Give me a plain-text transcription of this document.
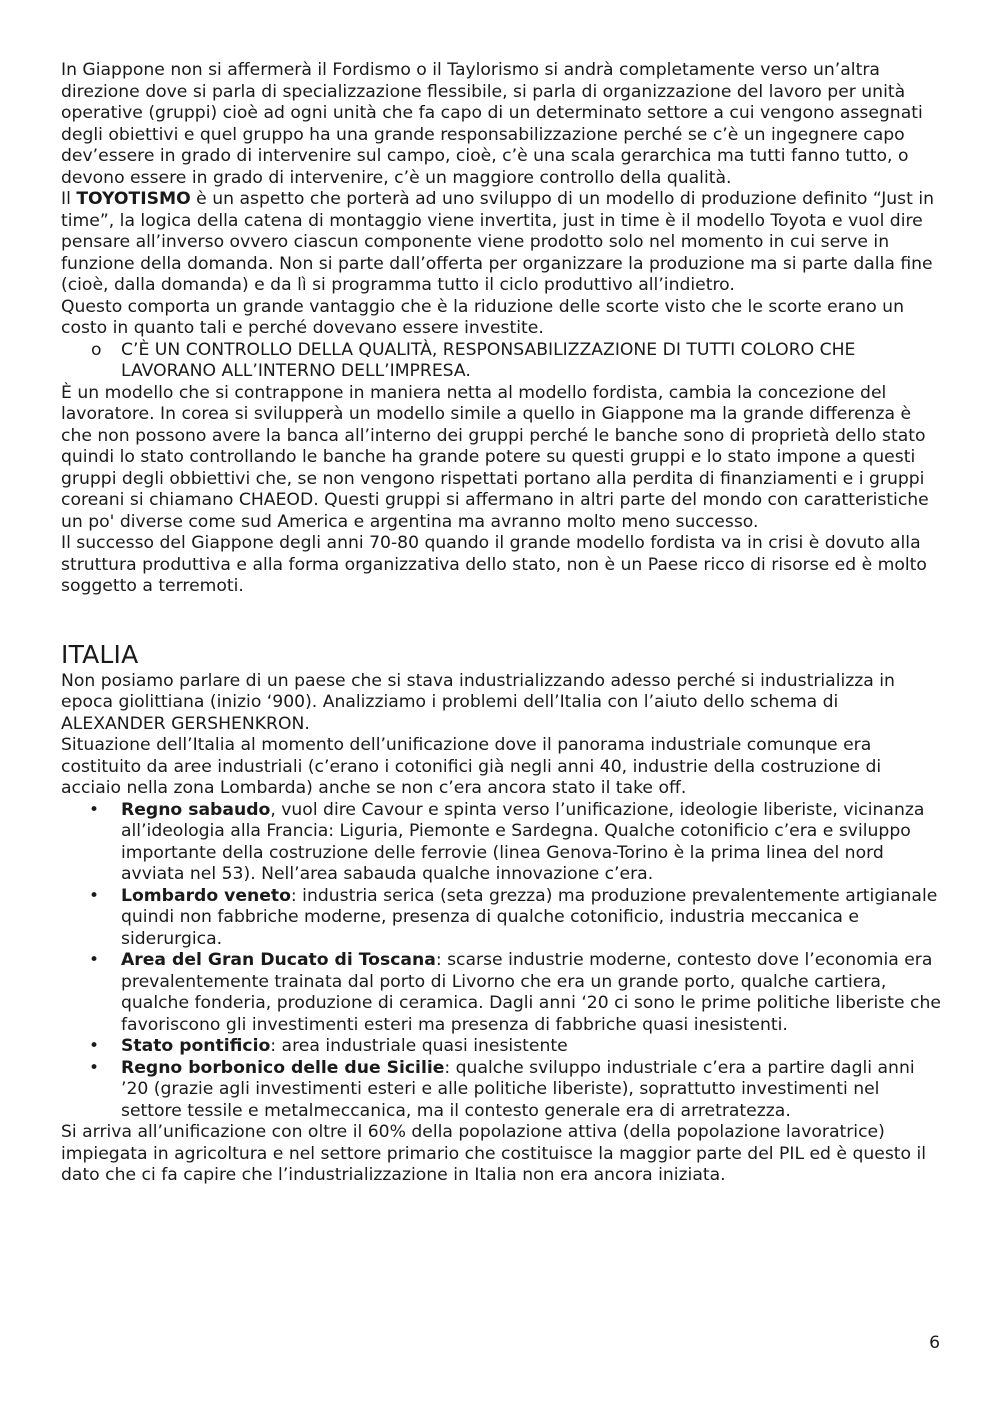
In Giappone non si affermerà il Fordismo o il Taylorismo si andrà completamente verso un’altra direzione dove si parla di specializzazione flessibile, si parla di organizzazione del lavoro per unità operative (gruppi) cioè ad ogni unità che fa capo di un determinato settore a cui vengono assegnati degli obiettivi e quel gruppo ha una grande responsabilizzazione perché se c’è un ingegnere capo dev’essere in grado di intervenire sul campo, cioè, c’è una scala gerarchica ma tutti fanno tutto, o devono essere in grado di intervenire, c’è un maggiore controllo della qualità.

Il TOYOTISMO è un aspetto che porterà ad uno sviluppo di un modello di produzione definito “Just in time”, la logica della catena di montaggio viene invertita, just in time è il modello Toyota e vuol dire pensare all’inverso ovvero ciascun componente viene prodotto solo nel momento in cui serve in funzione della domanda. Non si parte dall’offerta per organizzare la produzione ma si parte dalla fine (cioè, dalla domanda) e da lì si programma tutto il ciclo produttivo all’indietro.

Questo comporta un grande vantaggio che è la riduzione delle scorte visto che le scorte erano un costo in quanto tali e perché dovevano essere investite.

o C’È UN CONTROLLO DELLA QUALITÀ, RESPONSABILIZZAZIONE DI TUTTI COLORO CHE LAVORANO ALL’INTERNO DELL’IMPRESA.

È un modello che si contrappone in maniera netta al modello fordista, cambia la concezione del lavoratore. In corea si svilupperà un modello simile a quello in Giappone ma la grande differenza è che non possono avere la banca all’interno dei gruppi perché le banche sono di proprietà dello stato quindi lo stato controllando le banche ha grande potere su questi gruppi e lo stato impone a questi gruppi degli obbiettivi che, se non vengono rispettati portano alla perdita di finanziamenti e i gruppi coreani si chiamano CHAEOD. Questi gruppi si affermano in altri parte del mondo con caratteristiche un po' diverse come sud America e argentina ma avranno molto meno successo.

Il successo del Giappone degli anni 70-80 quando il grande modello fordista va in crisi è dovuto alla struttura produttiva e alla forma organizzativa dello stato, non è un Paese ricco di risorse ed è molto soggetto a terremoti.

ITALIA

Non posiamo parlare di un paese che si stava industrializzando adesso perché si industrializza in epoca giolittiana (inizio ‘900). Analizziamo i problemi dell’Italia con l’aiuto dello schema di ALEXANDER GERSHENKRON.

Situazione dell’Italia al momento dell’unificazione dove il panorama industriale comunque era costituito da aree industriali (c’erano i cotonifici già negli anni 40, industrie della costruzione di acciaio nella zona Lombarda) anche se non c’era ancora stato il take off.

• Regno sabaudo, vuol dire Cavour e spinta verso l’unificazione, ideologie liberiste, vicinanza all’ideologia alla Francia: Liguria, Piemonte e Sardegna. Qualche cotonificio c’era e sviluppo importante della costruzione delle ferrovie (linea Genova-Torino è la prima linea del nord avviata nel 53). Nell’area sabauda qualche innovazione c’era.
• Lombardo veneto: industria serica (seta grezza) ma produzione prevalentemente artigianale quindi non fabbriche moderne, presenza di qualche cotonificio, industria meccanica e siderurgica.
• Area del Gran Ducato di Toscana: scarse industrie moderne, contesto dove l’economia era prevalentemente trainata dal porto di Livorno che era un grande porto, qualche cartiera, qualche fonderia, produzione di ceramica. Dagli anni ‘20 ci sono le prime politiche liberiste che favoriscono gli investimenti esteri ma presenza di fabbriche quasi inesistenti.
• Stato pontificio: area industriale quasi inesistente
• Regno borbonico delle due Sicilie: qualche sviluppo industriale c’era a partire dagli anni ’20 (grazie agli investimenti esteri e alle politiche liberiste), soprattutto investimenti nel settore tessile e metalmeccanica, ma il contesto generale era di arretratezza.

Si arriva all’unificazione con oltre il 60% della popolazione attiva (della popolazione lavoratrice) impiegata in agricoltura e nel settore primario che costituisce la maggior parte del PIL ed è questo il dato che ci fa capire che l’industrializzazione in Italia non era ancora iniziata.

6
